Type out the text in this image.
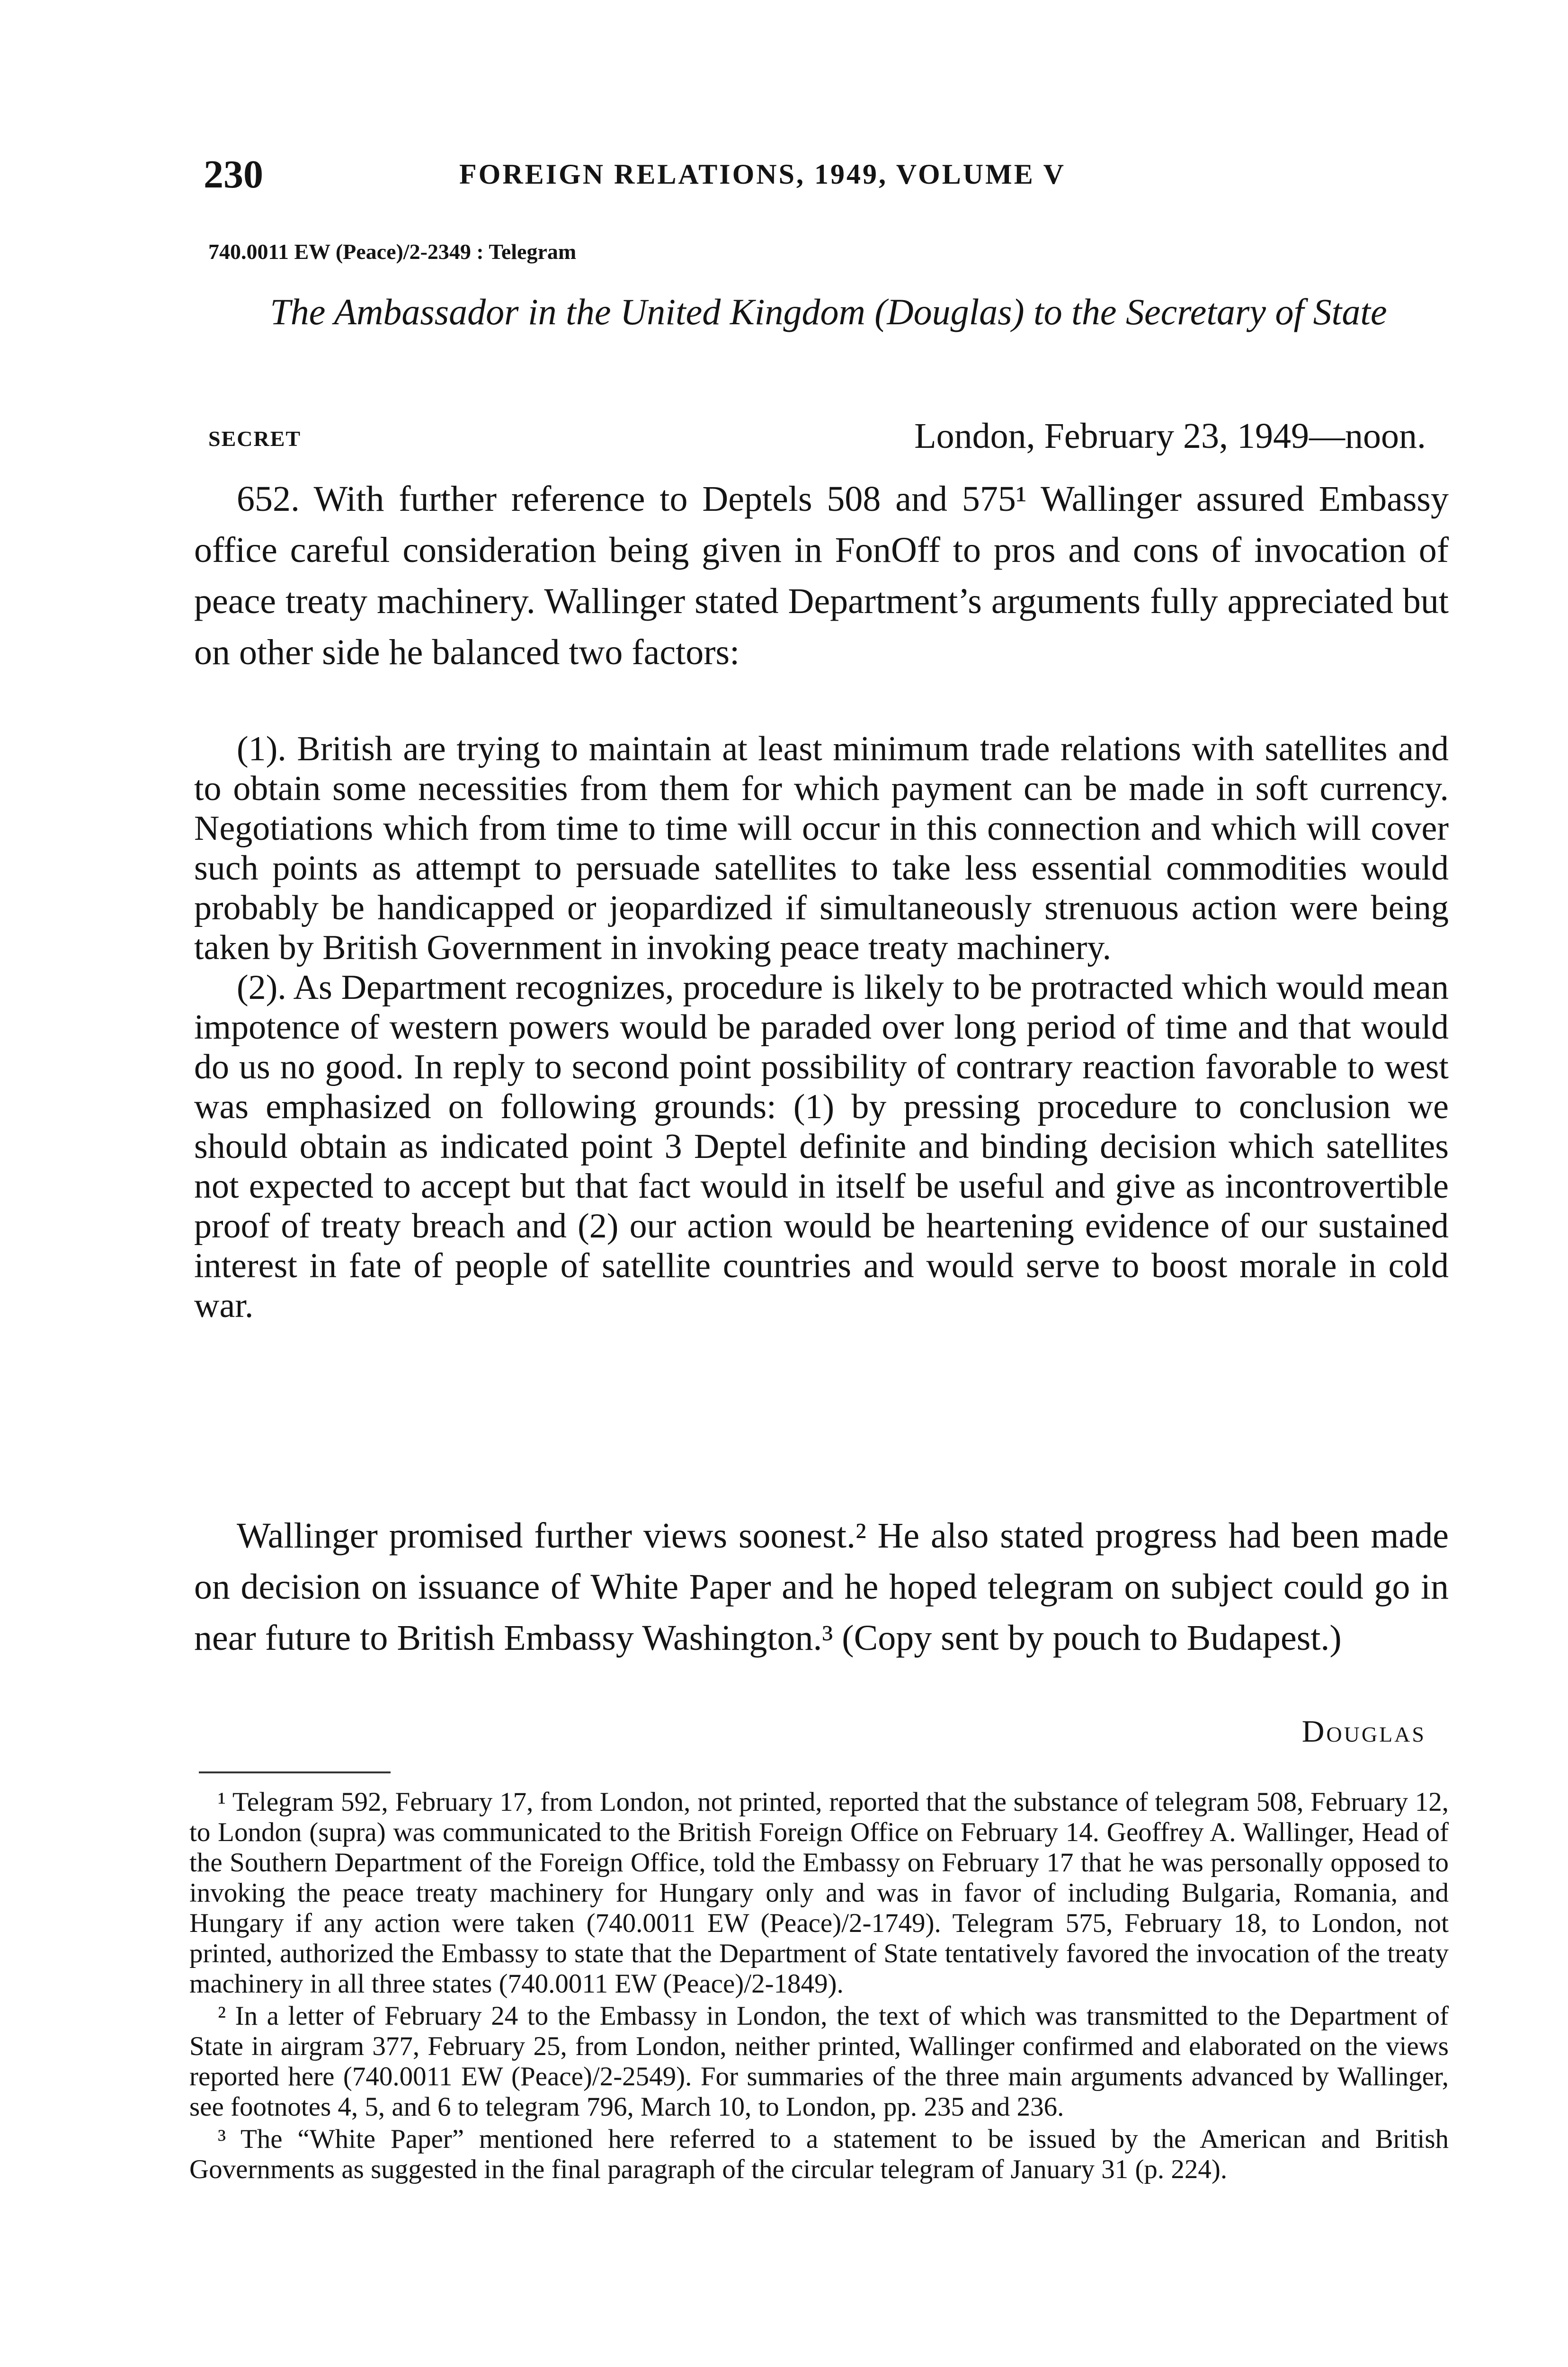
230	FOREIGN RELATIONS, 1949, VOLUME V
740.0011 EW (Peace)/2-2349 : Telegram
The Ambassador in the United Kingdom (Douglas) to the Secretary of State
SECRET	London, February 23, 1949—noon.

652. With further reference to Deptels 508 and 575¹ Wallinger assured Embassy office careful consideration being given in FonOff to pros and cons of invocation of peace treaty machinery. Wallinger stated Department’s arguments fully appreciated but on other side he balanced two factors:

(1). British are trying to maintain at least minimum trade relations with satellites and to obtain some necessities from them for which payment can be made in soft currency. Negotiations which from time to time will occur in this connection and which will cover such points as attempt to persuade satellites to take less essential commodities would probably be handicapped or jeopardized if simultaneously strenuous action were being taken by British Government in invoking peace treaty machinery.

(2). As Department recognizes, procedure is likely to be protracted which would mean impotence of western powers would be paraded over long period of time and that would do us no good. In reply to second point possibility of contrary reaction favorable to west was emphasized on following grounds: (1) by pressing procedure to conclusion we should obtain as indicated point 3 Deptel definite and binding decision which satellites not expected to accept but that fact would in itself be useful and give as incontrovertible proof of treaty breach and (2) our action would be heartening evidence of our sustained interest in fate of people of satellite countries and would serve to boost morale in cold war.

Wallinger promised further views soonest.² He also stated progress had been made on decision on issuance of White Paper and he hoped telegram on subject could go in near future to British Embassy Washington.³ (Copy sent by pouch to Budapest.)

Douglas

¹ Telegram 592, February 17, from London, not printed, reported that the substance of telegram 508, February 12, to London (supra) was communicated to the British Foreign Office on February 14. Geoffrey A. Wallinger, Head of the Southern Department of the Foreign Office, told the Embassy on February 17 that he was personally opposed to invoking the peace treaty machinery for Hungary only and was in favor of including Bulgaria, Romania, and Hungary if any action were taken (740.0011 EW (Peace)/2-1749). Telegram 575, February 18, to London, not printed, authorized the Embassy to state that the Department of State tentatively favored the invocation of the treaty machinery in all three states (740.0011 EW (Peace)/2-1849).

² In a letter of February 24 to the Embassy in London, the text of which was transmitted to the Department of State in airgram 377, February 25, from London, neither printed, Wallinger confirmed and elaborated on the views reported here (740.0011 EW (Peace)/2-2549). For summaries of the three main arguments advanced by Wallinger, see footnotes 4, 5, and 6 to telegram 796, March 10, to London, pp. 235 and 236.

³ The “White Paper” mentioned here referred to a statement to be issued by the American and British Governments as suggested in the final paragraph of the circular telegram of January 31 (p. 224).
